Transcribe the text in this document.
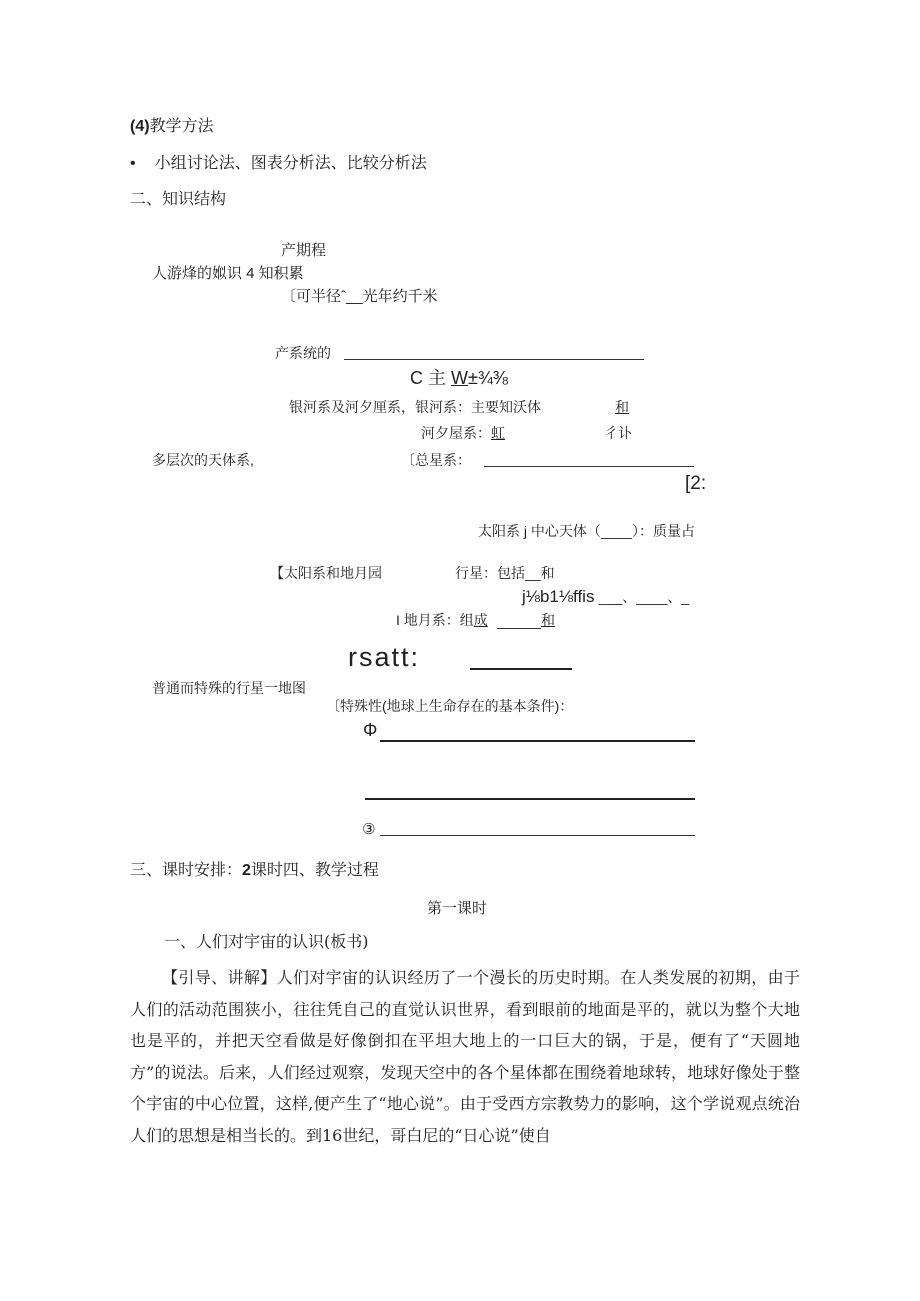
(4)教学方法
• 小组讨论法、图表分析法、比较分析法
二、知识结构
产期程
人游烽的娰识 4 知积累
〔可半径ˆ__光年约千米
产系统的
C 主 W±¾⅜
银河系及河夕厘系，银河系：主要知沃体	和
河夕屋系：虹	彳讣
多层次的天体系,	〔总星系：
[2:
太阳系 j 中心天体（____）：质量占
【太阳系和地月园	行星：包括__和
j⅛b1⅛ffis ___、____、_
I 地月系：组成	和
rsatt:
普通而特殊的行星一地图
〔特殊性(地球上生命存在的基本条件)：
Φ
③
三、课时安排：2课时四、教学过程
第一课时
一、人们对宇宙的认识(板书)

【引导、讲解】人们对宇宙的认识经历了一个漫长的历史时期。在人类发展的初期，由于人们的活动范围狭小，往往凭自己的直觉认识世界，看到眼前的地面是平的，就以为整个大地也是平的，并把天空看做是好像倒扣在平坦大地上的一口巨大的锅，于是，便有了“天圆地方”的说法。后来，人们经过观察，发现天空中的各个星体都在围绕着地球转，地球好像处于整个宇宙的中心位置，这样,便产生了“地心说”。由于受西方宗教势力的影响，这个学说观点统治人们的思想是相当长的。到16世纪，哥白尼的“日心说”使自
